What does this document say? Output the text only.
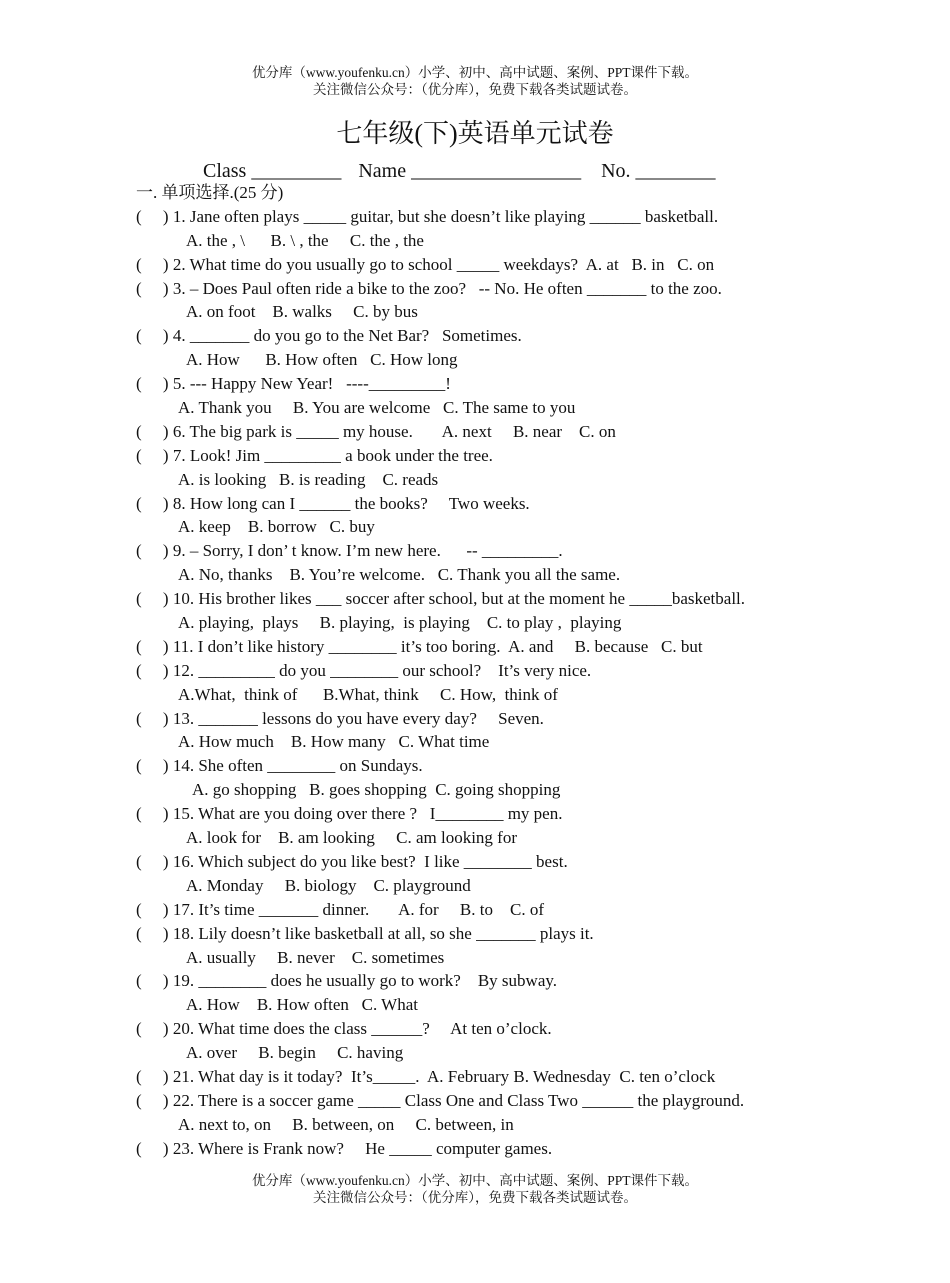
优分库（www.youfenku.cn）小学、初中、高中试题、案例、PPT课件下载。
关注微信公众号：（优分库），免费下载各类试题试卷。
七年级(下)英语单元试卷
Class _________ Name _________________ No. ________
一. 单项选择.(25 分)
(     ) 1. Jane often plays _____ guitar, but she doesn’t like playing ______ basketball.
A. the , \      B. \ , the     C. the , the
(     ) 2. What time do you usually go to school _____ weekdays?  A. at   B. in   C. on
(     ) 3. – Does Paul often ride a bike to the zoo?   -- No. He often _______ to the zoo.
A. on foot    B. walks     C. by bus
(     ) 4. _______ do you go to the Net Bar?   Sometimes.
A. How      B. How often   C. How long
(     ) 5. --- Happy New Year!   ----_________!
A. Thank you     B. You are welcome   C. The same to you
(     ) 6. The big park is _____ my house.       A. next     B. near    C. on
(     ) 7. Look! Jim _________ a book under the tree.
A. is looking   B. is reading    C. reads
(     ) 8. How long can I ______ the books?     Two weeks.
A. keep    B. borrow   C. buy
(     ) 9. – Sorry, I don’ t know. I’m new here.      -- _________.
A. No, thanks    B. You’re welcome.   C. Thank you all the same.
(     ) 10. His brother likes ___ soccer after school, but at the moment he _____basketball.
A. playing,  plays     B. playing,  is playing    C. to play ,  playing
(     ) 11. I don’t like history ________ it’s too boring.  A. and     B. because   C. but
(     ) 12. _________ do you ________ our school?    It’s very nice.
A.What,  think of      B.What, think     C. How,  think of
(     ) 13. _______ lessons do you have every day?     Seven.
A. How much    B. How many   C. What time
(     ) 14. She often ________ on Sundays.
A. go shopping   B. goes shopping  C. going shopping
(     ) 15. What are you doing over there ?   I________ my pen.
A. look for    B. am looking     C. am looking for
(     ) 16. Which subject do you like best?  I like ________ best.
A. Monday     B. biology    C. playground
(     ) 17. It’s time _______ dinner.       A. for     B. to    C. of
(     ) 18. Lily doesn’t like basketball at all, so she _______ plays it.
A. usually     B. never    C. sometimes
(     ) 19. ________ does he usually go to work?    By subway.
A. How    B. How often   C. What
(     ) 20. What time does the class ______?     At ten o’clock.
A. over     B. begin     C. having
(     ) 21. What day is it today?  It’s_____.  A. February B. Wednesday  C. ten o’clock
(     ) 22. There is a soccer game _____ Class One and Class Two ______ the playground.
A. next to, on     B. between, on     C. between, in
(     ) 23. Where is Frank now?     He _____ computer games.
优分库（www.youfenku.cn）小学、初中、高中试题、案例、PPT课件下载。
关注微信公众号：（优分库），免费下载各类试题试卷。
